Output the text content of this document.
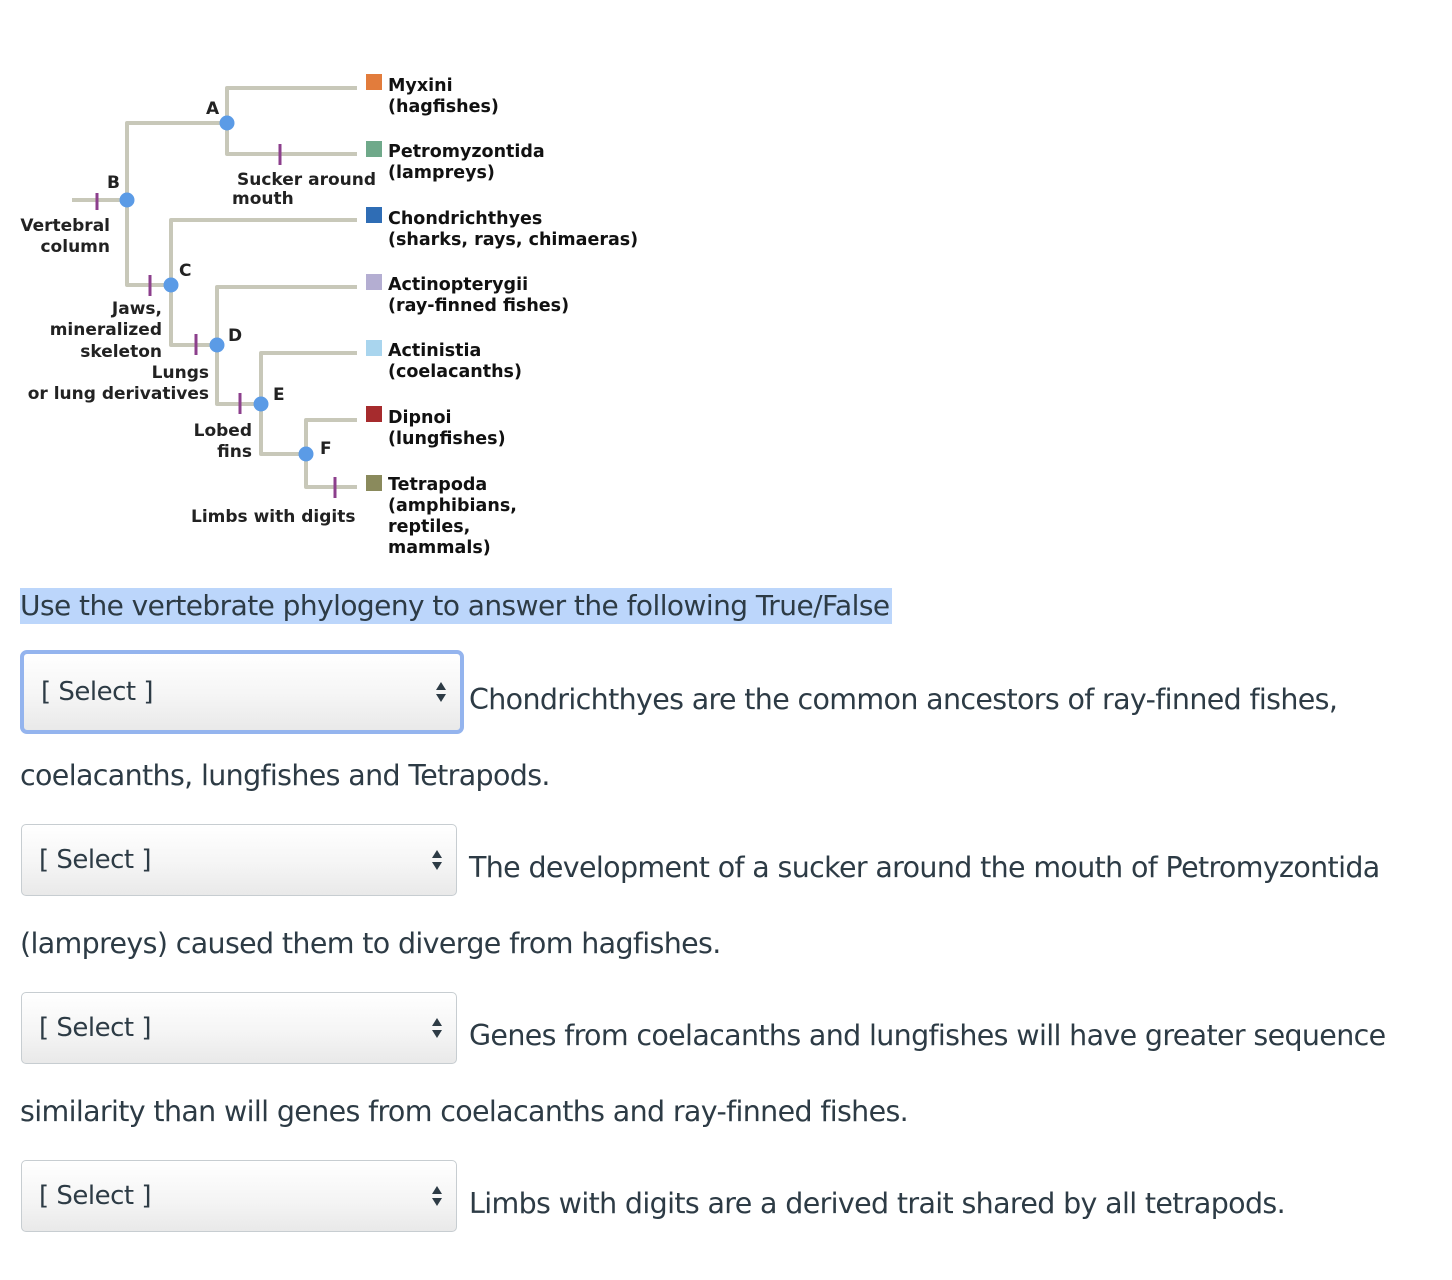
A
B
C
D
E
F
Sucker around
mouth
Vertebral
column
Jaws,
mineralized
skeleton
Lungs
or lung derivatives
Lobed
fins
Limbs with digits
Myxini
(hagfishes)
Petromyzontida
(lampreys)
Chondrichthyes
(sharks, rays, chimaeras)
Actinopterygii
(ray-finned fishes)
Actinistia
(coelacanths)
Dipnoi
(lungfishes)
Tetrapoda
(amphibians,
reptiles,
mammals)
Use the vertebrate phylogeny to answer the following True/False
[ Select ]	Chondrichthyes are the common ancestors of ray-finned fishes,
coelacanths, lungfishes and Tetrapods.
[ Select ]	The development of a sucker around the mouth of Petromyzontida
(lampreys) caused them to diverge from hagfishes.
[ Select ]	Genes from coelacanths and lungfishes will have greater sequence
similarity than will genes from coelacanths and ray-finned fishes.
[ Select ]	Limbs with digits are a derived trait shared by all tetrapods.
